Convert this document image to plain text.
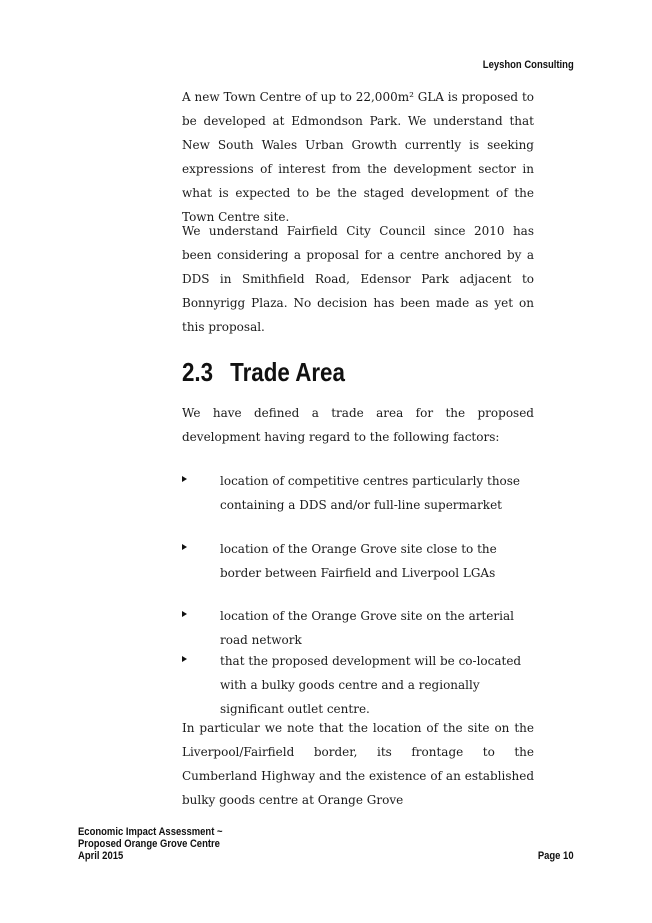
Leyshon Consulting
A new Town Centre of up to 22,000m² GLA is proposed to be developed at Edmondson Park. We understand that New South Wales Urban Growth currently is seeking expressions of interest from the development sector in what is expected to be the staged development of the Town Centre site.
We understand Fairfield City Council since 2010 has been considering a proposal for a centre anchored by a DDS in Smithfield Road, Edensor Park adjacent to Bonnyrigg Plaza. No decision has been made as yet on this proposal.
2.3 Trade Area
We have defined a trade area for the proposed development having regard to the following factors:
location of competitive centres particularly those containing a DDS and/or full-line supermarket
location of the Orange Grove site close to the border between Fairfield and Liverpool LGAs
location of the Orange Grove site on the arterial road network
that the proposed development will be co-located with a bulky goods centre and a regionally significant outlet centre.
In particular we note that the location of the site on the Liverpool/Fairfield border, its frontage to the Cumberland Highway and the existence of an established bulky goods centre at Orange Grove
Economic Impact Assessment ~
Proposed Orange Grove Centre
April 2015	Page 10
